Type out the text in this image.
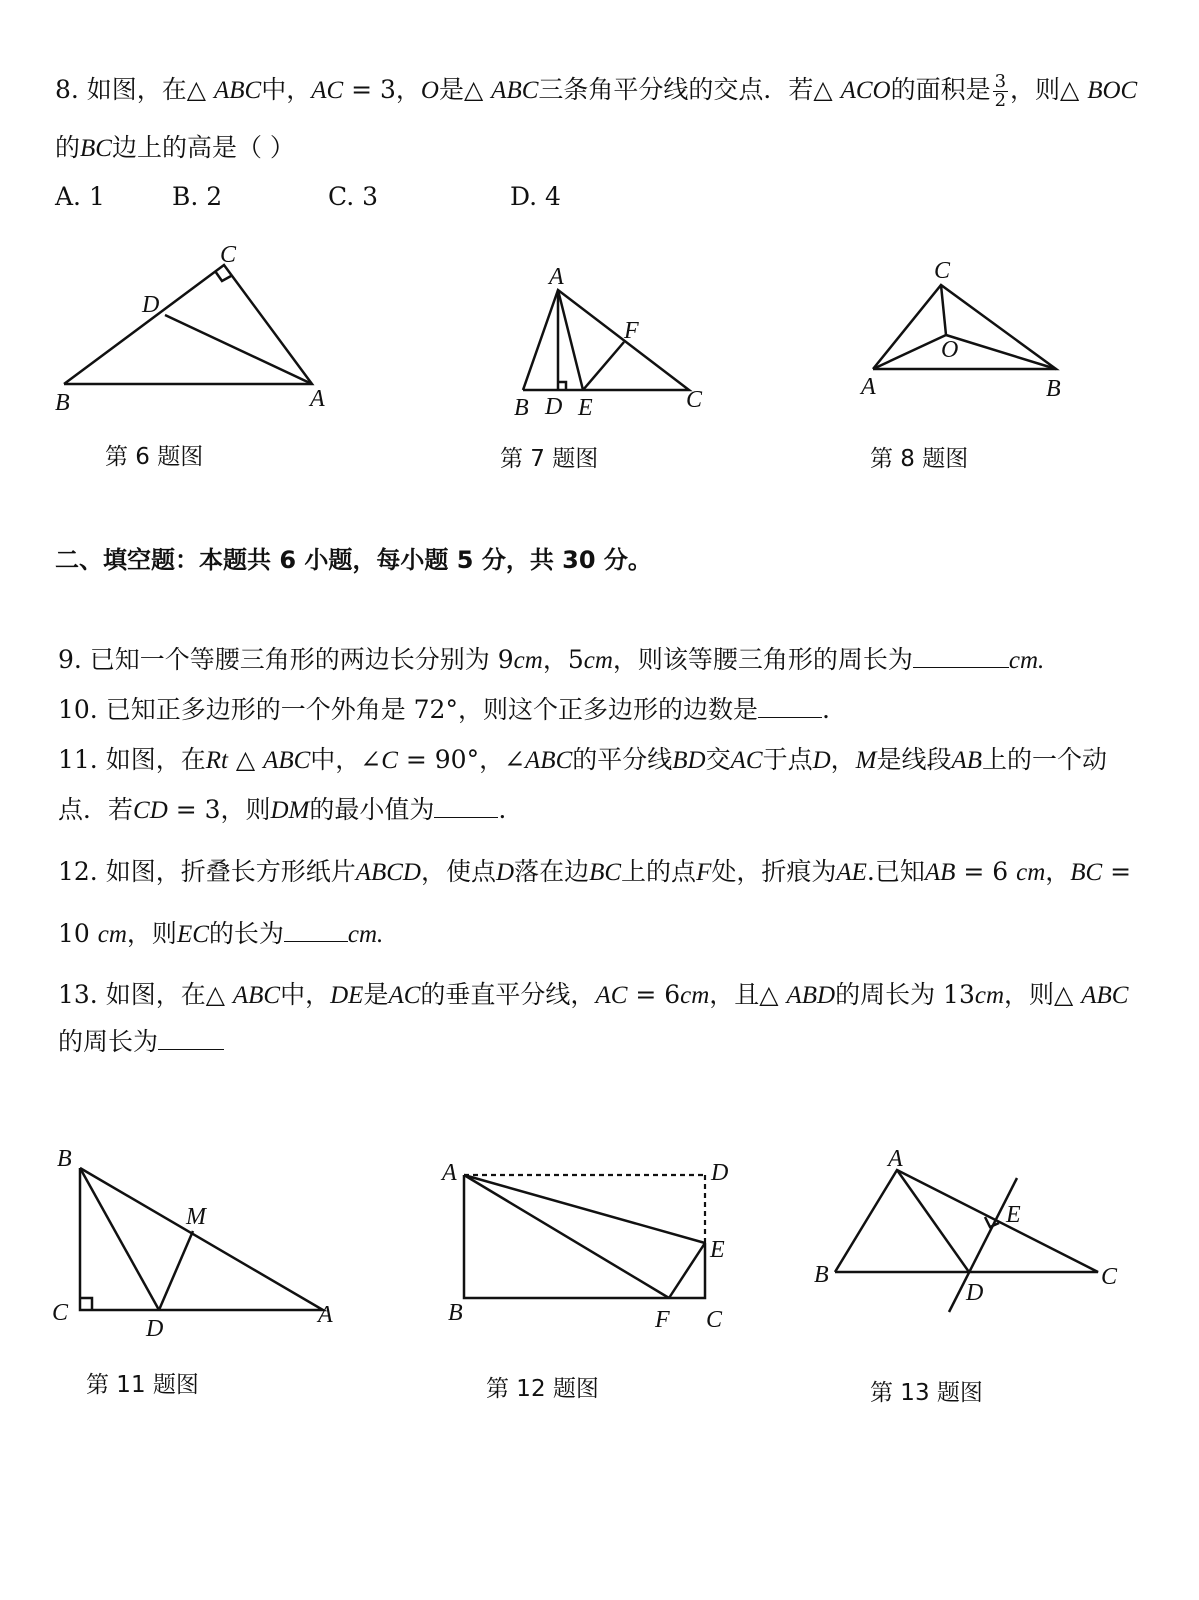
8. 如图，在△ ABC中，AC = 3，O是△ ABC三条角平分线的交点．若△ ACO的面积是 $\frac{3}{2}$ ，则△ BOC
的BC边上的高是（ ）
A. 1	B. 2	C. 3	D. 4
C
D
B	A
A
F
B D E	C
C
O
A	B
B
M
C
D
A
A	D
E
B	F C
A
E
B
D
C
第 6 题图	第 7 题图	第 8 题图
二、填空题：本题共 6 小题，每小题 5 分，共 30 分。
9. 已知一个等腰三角形的两边长分别为 9cm，5cm，则该等腰三角形的周长为	cm.
10. 已知正多边形的一个外角是 72°，则这个正多边形的边数是	.
11. 如图，在Rt △ ABC中，∠C = 90°，∠ABC的平分线BD交AC于点D，M是线段AB上的一个动
点．若CD = 3，则DM的最小值为	.
12. 如图，折叠长方形纸片ABCD，使点D落在边BC上的点F处，折痕为AE.已知AB = 6 cm，BC =
10 cm，则EC的长为	cm.
13. 如图，在△ ABC中，DE是AC的垂直平分线，AC = 6cm，且△ ABD的周长为 13cm，则△ ABC
的周长为
第 11 题图	第 12 题图	第 13 题图
